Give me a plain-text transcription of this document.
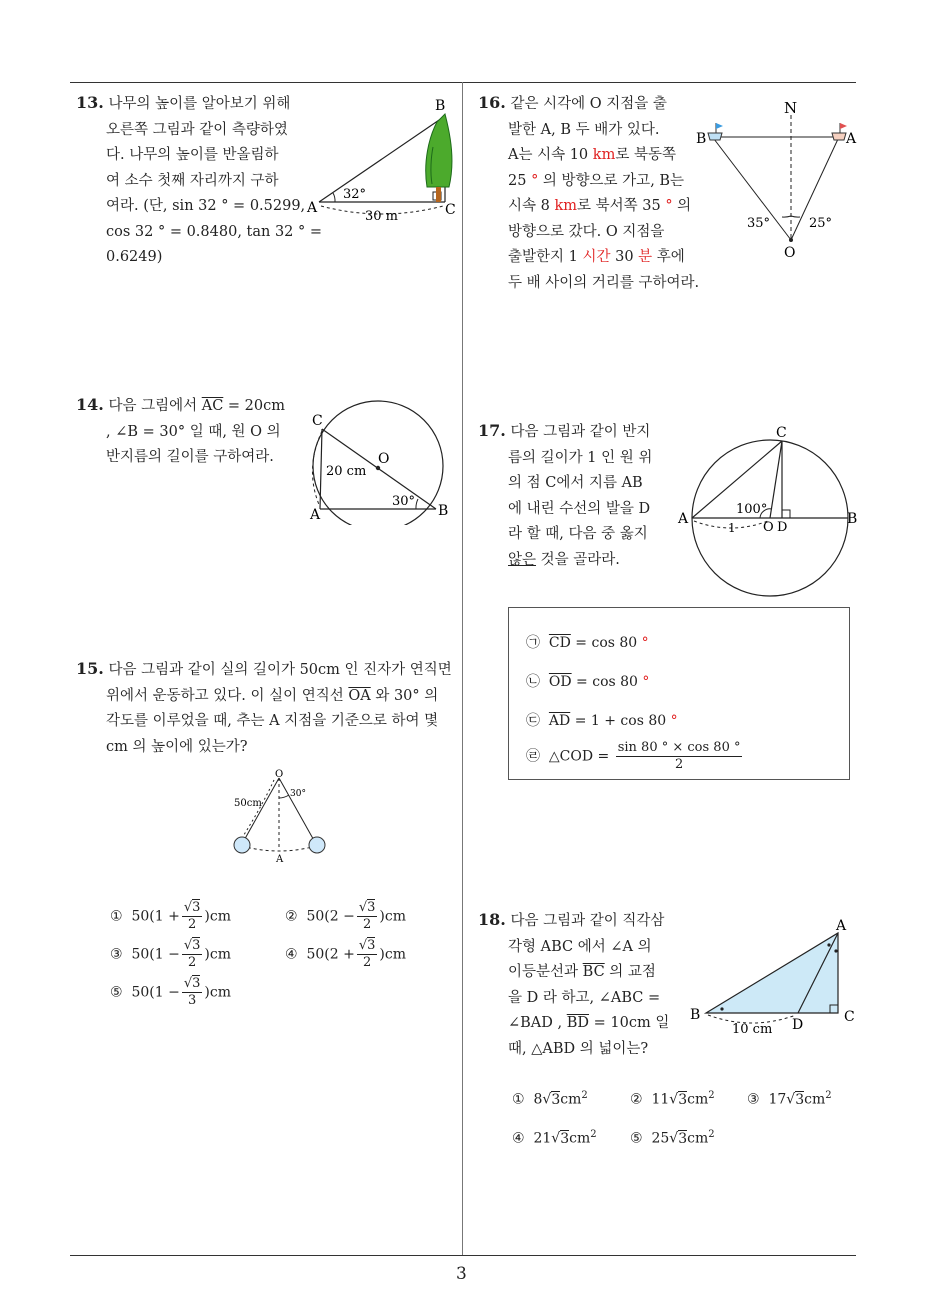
3
13. 나무의 높이를 알아보기 위해
오른쪽 그림과 같이 측량하였
다. 나무의 높이를 반올림하
여 소수 첫째 자리까지 구하
여라. (단, sin 32 ° = 0.5299,
cos 32 ° = 0.8480, tan 32 ° =
0.6249)
B
A	C
32°
30 m
14. 다음 그림에서 $\overline{AC} = 20cm$
, ∠B = 30° 일 때, 원 O 의
반지름의 길이를 구하여라.
C
O
A	B
20 cm
30°
15. 다음 그림과 같이 실의 길이가 50cm 인 진자가 연직면
위에서 운동하고 있다. 이 실이 연직선 $\overline{OA}$ 와 30° 의
각도를 이루었을 때, 추는 A 지점을 기준으로 하여 몇
cm 의 높이에 있는가?
O
A
50cm
30°
① $50(1 + \frac{√3}{2} )cm$	② $50(2 - \frac{√3}{2} )cm$
③ $50(1 - \frac{√3}{2} )cm$	④ $50(2 + \frac{√3}{2} )cm$
⑤ $50(1 - \frac{√3}{3} )cm$
16. 같은 시각에 O 지점을 출
발한 A, B 두 배가 있다.
A는 시속 10 km로 북동쪽
25 ° 의 방향으로 가고, B는
시속 8 km로 북서쪽 35 ° 의
방향으로 갔다. O 지점을
출발한지 1 시간 30 분 후에
두 배 사이의 거리를 구하여라.
N
B	A
O
35°	25°
17. 다음 그림과 같이 반지
름의 길이가 1 인 원 위
의 점 C에서 지름 AB
에 내린 수선의 발을 D
라 할 때, 다음 중 옳지
않은 것을 골라라.
C
A	B
O D
100°
1
㉠ $\overline{CD} = \cos 80$ °
㉡ $\overline{OD} = \cos 80$ °
㉢ $\overline{AD} = 1 + \cos 80$ °
㉣ △COD = $\frac{\sin 80 ^\circ \times \cos 80 ^\circ}{2}$
18. 다음 그림과 같이 직각삼
각형 ABC 에서 ∠A 의
이등분선과 $\overline{BC}$ 의 교점
을 D 라 하고, ∠ABC =
∠BAD , $\overline{BD} = 10cm$ 일
때, △ABD 의 넓이는?
A
B	C
D
10 cm
① $8√3cm^2$	② $11√3cm^2$ ③ $17√3cm^2$
④ $21√3cm^2$ ⑤ $25√3cm^2$
